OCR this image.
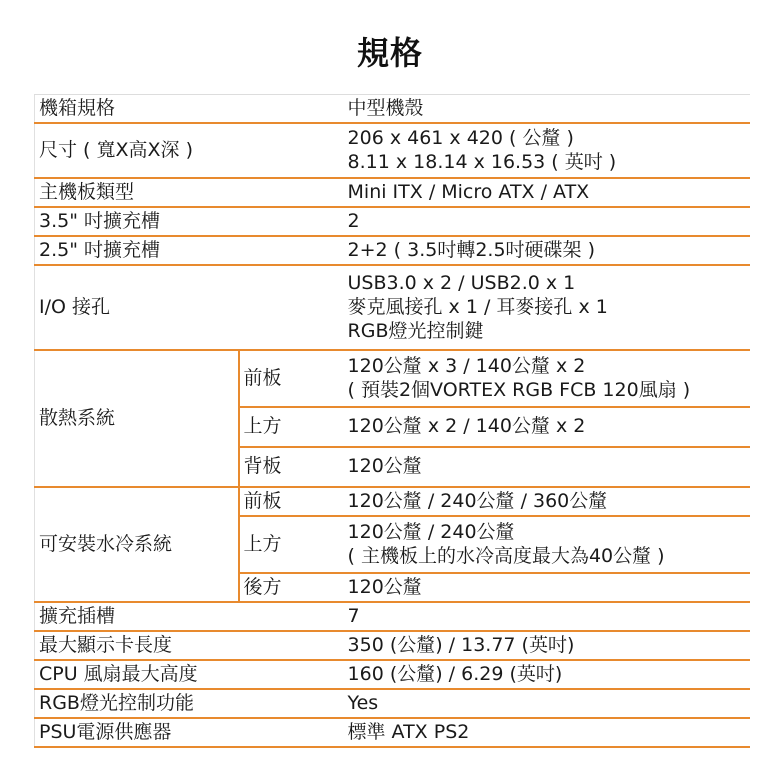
規格
機箱規格		中型機殼
尺寸 ( 寬X高X深 )		206 x 461 x 420 ( 公釐 )
8.11 x 18.14 x 16.53 ( 英吋 )

主機板類型		Mini ITX / Micro ATX / ATX
3.5" 吋擴充槽		2
2.5" 吋擴充槽		2+2 ( 3.5吋轉2.5吋硬碟架 )
I/O 接孔		USB3.0 x 2 / USB2.0 x 1
麥克風接孔 x 1 / 耳麥接孔 x 1
RGB燈光控制鍵

散熱系統	前板	120公釐 x 3 / 140公釐 x 2
( 預裝2個VORTEX RGB FCB 120風扇 )

	上方	120公釐 x 2 / 140公釐 x 2
	背板	120公釐
可安裝水冷系統	前板	120公釐 / 240公釐 / 360公釐
	上方	120公釐 / 240公釐
( 主機板上的水冷高度最大為40公釐 )

	後方	120公釐
擴充插槽		7
最大顯示卡長度		350 (公釐) / 13.77 (英吋)
CPU 風扇最大高度		160 (公釐) / 6.29 (英吋)
RGB燈光控制功能		Yes
PSU電源供應器		標準 ATX PS2
